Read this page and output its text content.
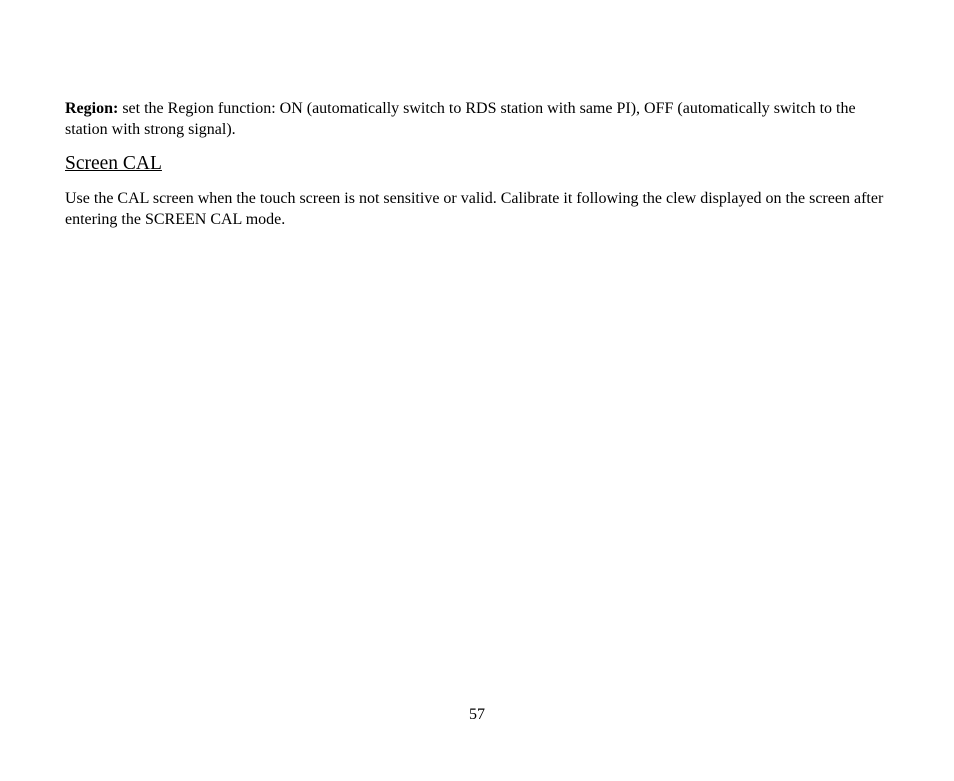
Region: set the Region function: ON (automatically switch to RDS station with same PI), OFF (automatically switch to the station with strong signal).

Screen CAL

Use the CAL screen when the touch screen is not sensitive or valid. Calibrate it following the clew displayed on the screen after entering the SCREEN CAL mode.

57
